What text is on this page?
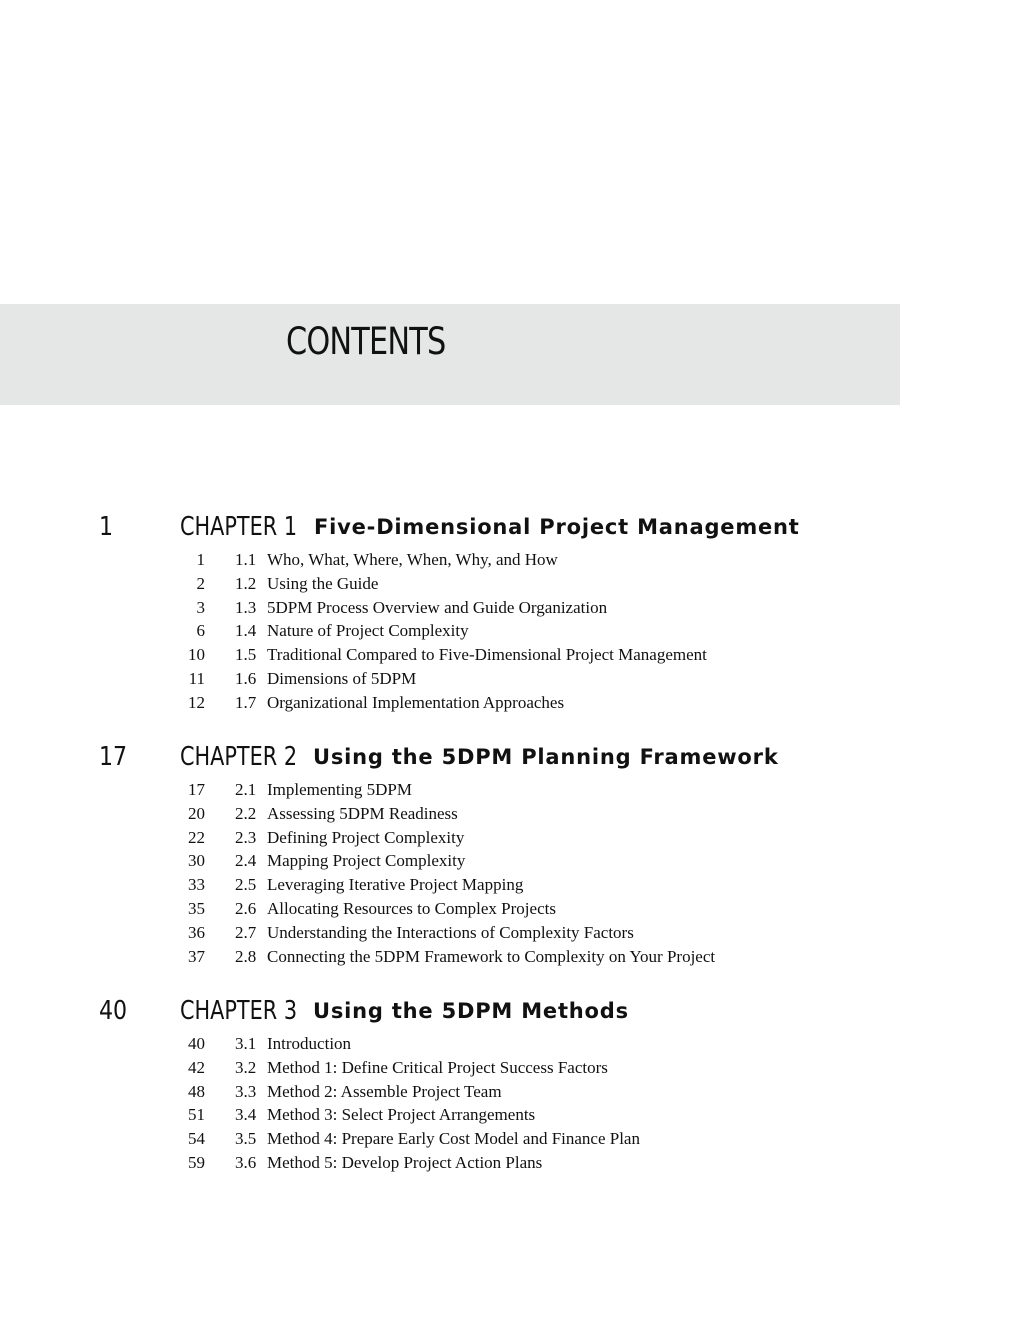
CONTENTS
1	CHAPTER 1 Five-Dimensional Project Management
1 1.1 Who, What, Where, When, Why, and How
2 1.2 Using the Guide
3 1.3 5DPM Process Overview and Guide Organization
6 1.4 Nature of Project Complexity
10 1.5 Traditional Compared to Five-Dimensional Project Management
11 1.6 Dimensions of 5DPM
12 1.7 Organizational Implementation Approaches
17 CHAPTER 2 Using the 5DPM Planning Framework
17 2.1 Implementing 5DPM
20 2.2 Assessing 5DPM Readiness
22 2.3 Defining Project Complexity
30 2.4 Mapping Project Complexity
33 2.5 Leveraging Iterative Project Mapping
35 2.6 Allocating Resources to Complex Projects
36 2.7 Understanding the Interactions of Complexity Factors
37 2.8 Connecting the 5DPM Framework to Complexity on Your Project
40 CHAPTER 3 Using the 5DPM Methods
40 3.1 Introduction
42 3.2 Method 1: Define Critical Project Success Factors
48 3.3 Method 2: Assemble Project Team
51 3.4 Method 3: Select Project Arrangements
54 3.5 Method 4: Prepare Early Cost Model and Finance Plan
59 3.6 Method 5: Develop Project Action Plans
